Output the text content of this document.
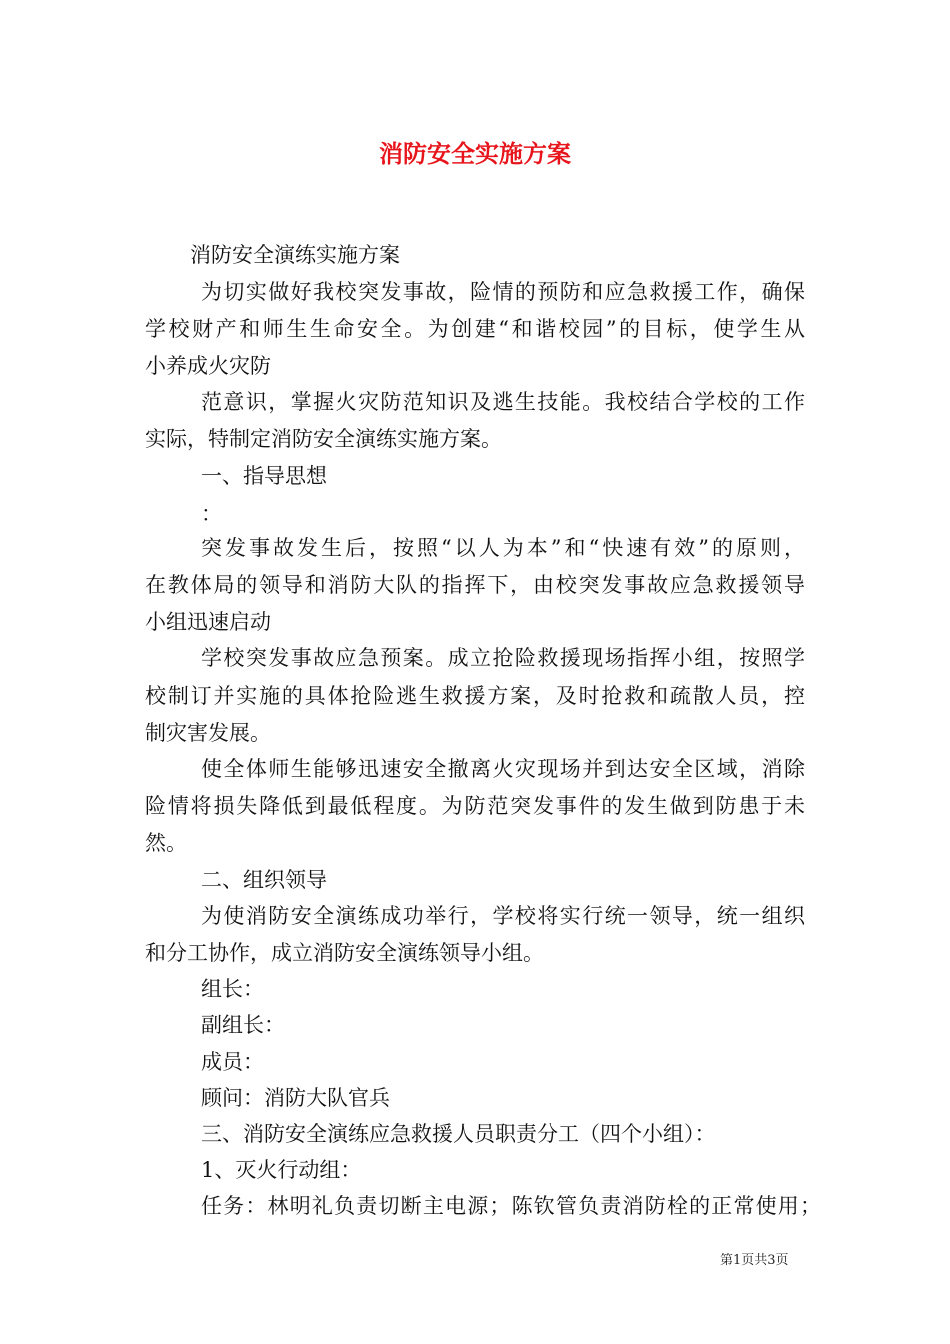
消防安全实施方案
消防安全演练实施方案
为切实做好我校突发事故，险情的预防和应急救援工作，确保
学校财产和师生生命安全。为创建“和谐校园”的目标，使学生从
小养成火灾防
范意识，掌握火灾防范知识及逃生技能。我校结合学校的工作
实际，特制定消防安全演练实施方案。
一、指导思想
：
突发事故发生后，按照“以人为本”和“快速有效”的原则，
在教体局的领导和消防大队的指挥下，由校突发事故应急救援领导
小组迅速启动
学校突发事故应急预案。成立抢险救援现场指挥小组，按照学
校制订并实施的具体抢险逃生救援方案，及时抢救和疏散人员，控
制灾害发展。
使全体师生能够迅速安全撤离火灾现场并到达安全区域，消除
险情将损失降低到最低程度。为防范突发事件的发生做到防患于未
然。
二、组织领导
为使消防安全演练成功举行，学校将实行统一领导，统一组织
和分工协作，成立消防安全演练领导小组。
组长：
副组长：
成员：
顾问：消防大队官兵
三、消防安全演练应急救援人员职责分工（四个小组）：
1、灭火行动组：
任务：林明礼负责切断主电源；陈钦管负责消防栓的正常使用；
第1页共3页
